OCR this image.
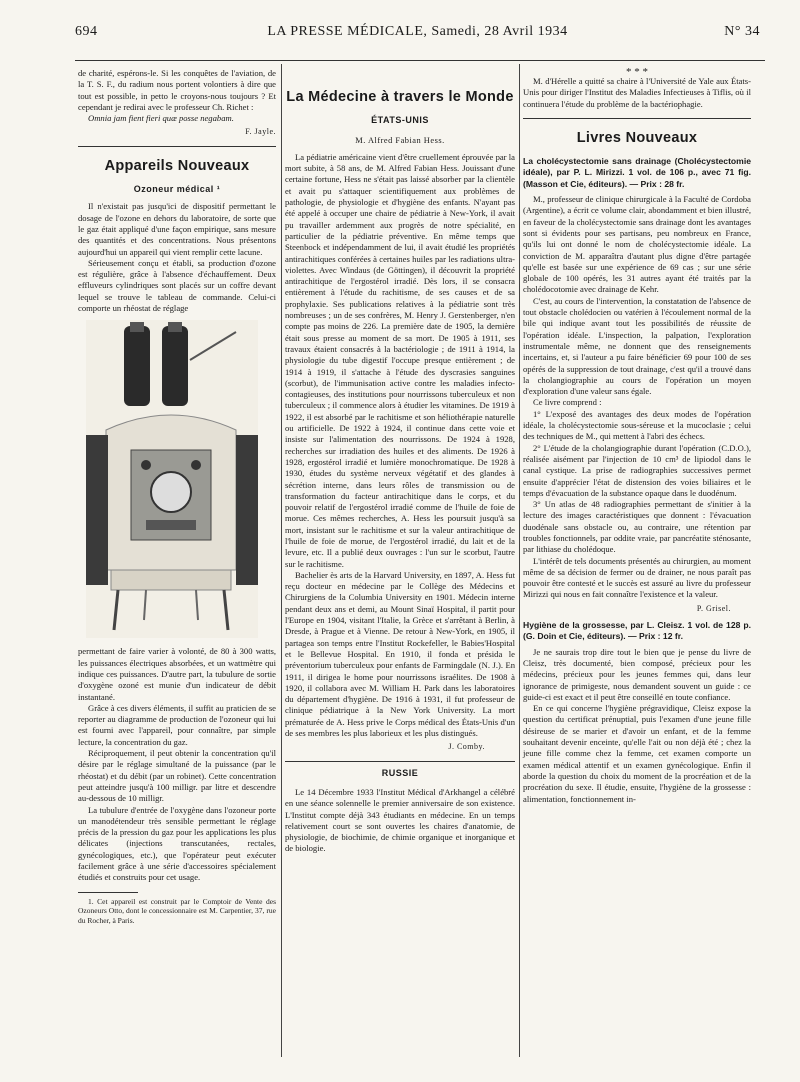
694	LA PRESSE MÉDICALE, Samedi, 28 Avril 1934	N° 34

de charité, espérons-le. Si les conquêtes de l'aviation, de la T. S. F., du radium nous portent volontiers à dire que tout est possible, in petto le croyons-nous toujours ? Et cependant je redirai avec le professeur Ch. Richet :

Omnia jam fient fieri quæ posse negabam.

F. Jayle.
Appareils Nouveaux
Ozoneur médical ¹

Il n'existait pas jusqu'ici de dispositif permettant le dosage de l'ozone en dehors du laboratoire, de sorte que le gaz était appliqué d'une façon empirique, sans mesure des quantités et des concentrations. Nous présentons aujourd'hui un appareil qui vient remplir cette lacune.

Sérieusement conçu et établi, sa production d'ozone est régulière, grâce à l'absence d'échauffement. Deux effluveurs cylindriques sont placés sur un coffre devant lequel se trouve le tableau de commande. Celui-ci comporte un rhéostat de réglage

permettant de faire varier à volonté, de 80 à 300 watts, les puissances électriques absorbées, et un wattmètre qui indique ces puissances. D'autre part, la tubulure de sortie d'oxygène ozoné est munie d'un indicateur de débit instantané.

Grâce à ces divers éléments, il suffit au praticien de se reporter au diagramme de production de l'ozoneur qui lui est fourni avec l'appareil, pour connaître, par simple lecture, la concentration du gaz.

Réciproquement, il peut obtenir la concentration qu'il désire par le réglage simultané de la puissance (par le rhéostat) et du débit (par un robinet). Cette concentration peut atteindre jusqu'à 100 milligr. par litre et descendre au-dessous de 10 milligr.

La tubulure d'entrée de l'oxygène dans l'ozoneur porte un manodétendeur très sensible permettant le réglage précis de la pression du gaz pour les applications les plus délicates (injections transcutanées, rectales, gynécologiques, etc.), que l'opérateur peut exécuter facilement grâce à une série d'accessoires spécialement étudiés et construits pour cet usage.

1. Cet appareil est construit par le Comptoir de Vente des Ozoneurs Otto, dont le concessionnaire est M. Carpentier, 37, rue du Rocher, à Paris.

La Médecine à travers le Monde
ÉTATS-UNIS
M. Alfred Fabian Hess.

La pédiatrie américaine vient d'être cruellement éprouvée par la mort subite, à 58 ans, de M. Alfred Fabian Hess. Jouissant d'une certaine fortune, Hess ne s'était pas laissé absorber par la clientèle et avait pu s'attaquer scientifiquement aux problèmes de pathologie, de physiologie et d'hygiène des enfants. N'ayant pas été appelé à occuper une chaire de pédiatrie à New-York, il avait pu travailler ardemment aux progrès de notre spécialité, en particulier de la pédiatrie préventive. En même temps que Steenbock et indépendamment de lui, il avait étudié les propriétés antirachitiques conférées à certaines huiles par les radiations ultra-violettes. Avec Windaus (de Göttingen), il découvrit la propriété antirachitique de l'ergostérol irradié. Dès lors, il se consacra entièrement à l'étude du rachitisme, de ses causes et de sa prophylaxie. Ses publications relatives à la pédiatrie sont très nombreuses ; un de ses confrères, M. Henry J. Gerstenberger, n'en compte pas moins de 226. La première date de 1905, la dernière était sous presse au moment de sa mort. De 1905 à 1911, ses travaux étaient consacrés à la bactériologie ; de 1911 à 1914, la physiologie du tube digestif l'occupe presque entièrement ; de 1914 à 1919, il s'attache à l'étude des dyscrasies sanguines (scorbut), de l'immunisation active contre les maladies infecto-contagieuses, des institutions pour nourrissons tuberculeux et non tuberculeux ; il commence alors à étudier les vitamines. De 1919 à 1922, il est absorbé par le rachitisme et son héliothérapie naturelle ou artificielle. De 1922 à 1924, il continue dans cette voie et insiste sur l'alimentation des nourrissons. De 1924 à 1928, recherches sur irradiation des huiles et des aliments. De 1926 à 1928, ergostérol irradié et lumière monochromatique. De 1928 à 1930, études du système nerveux végétatif et des glandes à sécrétion interne, dans leurs rôles de transmission ou de transformation du facteur antirachitique dans le corps, et du pouvoir relatif de l'ergostérol irradié comme de l'huile de foie de morue. Ces mêmes recherches, A. Hess les poursuit jusqu'à sa mort, insistant sur le rachitisme et sur la valeur antirachitique de l'huile de foie de morue, de l'ergostérol irradié, du lait et de la levure, etc. Il a publié deux ouvrages : l'un sur le scorbut, l'autre sur le rachitisme.

Bachelier ès arts de la Harvard University, en 1897, A. Hess fut reçu docteur en médecine par le Collège des Médecins et Chirurgiens de la Columbia University en 1901. Médecin interne pendant deux ans et demi, au Mount Sinaï Hospital, il partit pour l'Europe en 1904, visitant l'Italie, la Grèce et s'arrêtant à Berlin, à Dresde, à Prague et à Vienne. De retour à New-York, en 1905, il partagea son temps entre l'Institut Rockefeller, le Babies'Hospital et le Bellevue Hospital. En 1910, il fonda et présida le préventorium tuberculeux pour enfants de Farmingdale (N. J.). En 1911, il dirigea le home pour nourrissons israélites. De 1908 à 1920, il collabora avec M. William H. Park dans les laboratoires du département d'hygiène. De 1916 à 1931, il fut professeur de clinique pédiatrique à la New York University. La mort prématurée de A. Hess prive le Corps médical des États-Unis d'un de ses membres les plus laborieux et les plus distingués.

J. Comby.
RUSSIE

Le 14 Décembre 1933 l'Institut Médical d'Arkhangel a célébré en une séance solennelle le premier anniversaire de son existence. L'Institut compte déjà 343 étudiants en médecine. En un temps relativement court se sont ouvertes les chaires d'anatomie, de physiologie, de biochimie, de chimie organique et inorganique et de biologie.

* * *

M. d'Hérelle a quitté sa chaire à l'Université de Yale aux États-Unis pour diriger l'Institut des Maladies Infectieuses à Tiflis, où il continuera l'étude du problème de la bactériophagie.

Livres Nouveaux

La cholécystectomie sans drainage (Cholécystectomie idéale), par P. L. Mirizzi. 1 vol. de 106 p., avec 71 fig. (Masson et Cie, éditeurs). — Prix : 28 fr.

M., professeur de clinique chirurgicale à la Faculté de Cordoba (Argentine), a écrit ce volume clair, abondamment et bien illustré, en faveur de la cholécystectomie sans drainage dont les avantages sont si évidents pour ses partisans, peu nombreux en France, qu'ils lui ont donné le nom de cholécystectomie idéale. La conviction de M. apparaîtra d'autant plus digne d'être partagée qu'elle est basée sur une expérience de 69 cas ; sur une série globale de 100 opérés, les 31 autres ayant été traités par la cholédocotomie avec drainage de Kehr.

C'est, au cours de l'intervention, la constatation de l'absence de tout obstacle cholédocien ou vatérien à l'écoulement normal de la bile qui indique avant tout les possibilités de réussite de l'opération idéale. L'inspection, la palpation, l'exploration instrumentale même, ne donnent que des renseignements incertains, et, si l'auteur a pu faire bénéficier 69 pour 100 de ses opérés de la suppression de tout drainage, c'est qu'il a trouvé dans la cholangiographie au cours de l'opération un moyen d'exploration d'une valeur sans égale.

Ce livre comprend :

1° L'exposé des avantages des deux modes de l'opération idéale, la cholécystectomie sous-séreuse et la mucoclasie ; celui des techniques de M., qui mettent à l'abri des échecs.

2° L'étude de la cholangiographie durant l'opération (C.D.O.), réalisée aisément par l'injection de 10 cm³ de lipiodol dans le canal cystique. La prise de radiographies successives permet ensuite d'apprécier l'état de distension des voies biliaires et le temps d'évacuation de la substance opaque dans le duodénum.

3° Un atlas de 48 radiographies permettant de s'initier à la lecture des images caractéristiques que donnent : l'évacuation duodénale sans obstacle ou, au contraire, une rétention par troubles fonctionnels, par oddite vraie, par pancréatite sténosante, par lithiase du cholédoque.

L'intérêt de tels documents présentés au chirurgien, au moment même de sa décision de fermer ou de drainer, ne nous paraît pas pouvoir être contesté et le succès est assuré au livre du professeur Mirizzi qui nous en fait connaître l'existence et la valeur.

P. Grisel.

Hygiène de la grossesse, par L. Cleisz. 1 vol. de 128 p. (G. Doin et Cie, éditeurs). — Prix : 12 fr.

Je ne saurais trop dire tout le bien que je pense du livre de Cleisz, très documenté, bien composé, précieux pour les médecins, précieux pour les jeunes femmes qui, dans leur ignorance de primigeste, nous demandent souvent un guide : ce guide-ci est exact et il peut être conseillé en toute confiance.

En ce qui concerne l'hygiène prégravidique, Cleisz expose la question du certificat prénuptial, puis l'examen d'une jeune fille désireuse de se marier et d'avoir un enfant, et de la femme souhaitant devenir enceinte, qu'elle l'ait ou non déjà été ; chez la jeune fille comme chez la femme, cet examen comporte un examen médical attentif et un examen gynécologique. Enfin il aborde la question du choix du moment de la procréation et de la procréation du sexe. Il étudie, ensuite, l'hygiène de la grossesse : alimentation, fonctionnement in-
